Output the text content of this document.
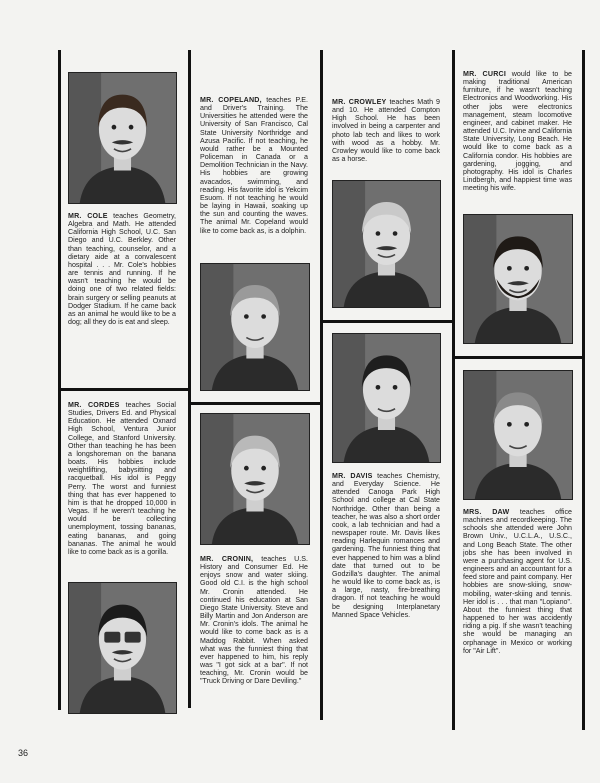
MR. COLE teaches Geometry, Algebra and Math. He attended California High School, U.C. San Diego and U.C. Berkley. Other than teaching, counselor, and a dietary aide at a convalescent hospital . . . Mr. Cole's hobbies are tennis and running. If he wasn't teaching he would be doing one of two related fields: brain surgery or selling peanuts at Dodger Stadium. If he came back as an animal he would like to be a dog; all they do is eat and sleep.
MR. COPELAND, teaches P.E. and Driver's Training. The Universities he attended were the University of San Francisco, Cal State University Northridge and Azusa Pacific. If not teaching, he would rather be a Mounted Policeman in Canada or a Demolition Technician in the Navy. His hobbies are growing avacados, swimming, and reading. His favorite idol is Yekcim Esuom. If not teaching he would be laying in Hawaii, soaking up the sun and counting the waves. The animal Mr. Copeland would like to come back as, is a dolphin.
MR. CROWLEY teaches Math 9 and 10. He attended Compton High School. He has been involved in being a carpenter and photo lab tech and likes to work with wood as a hobby. Mr. Crowley would like to come back as a horse.
MR. CURCI would like to be making traditional American furniture, if he wasn't teaching Electronics and Woodworking. His other jobs were electronics management, steam locomotive engineer, and cabinet maker. He attended U.C. Irvine and California State University, Long Beach. He would like to come back as a California condor. His hobbies are gardening, jogging, and photography. His idol is Charles Lindbergh, and happiest time was meeting his wife.
MR. CORDES teaches Social Studies, Drivers Ed. and Physical Education. He attended Oxnard High School, Ventura Junior College, and Stanford University. Other than teaching he has been a longshoreman on the banana boats. His hobbies include weightlifting, babysitting and racquetball. His idol is Peggy Perry. The worst and funniest thing that has ever happened to him is that he dropped 10,000 in Vegas. If he weren't teaching he would be collecting unemployment, tossing bananas, eating bananas, and going bananas. The animal he would like to come back as is a gorilla.
MR. CRONIN, teaches U.S. History and Consumer Ed. He enjoys snow and water skiing. Good old C.I. is the high school Mr. Cronin attended. He continued his education at San Diego State University. Steve and Billy Martin and Jon Anderson are Mr. Cronin's idols. The animal he would like to come back as is a Maddog Rabbit. When asked what was the funniest thing that ever happened to him, his reply was "I got sick at a bar". If not teaching, Mr. Cronin would be "Truck Driving or Dare Deviling."
MR. DAVIS teaches Chemistry, and Everyday Science. He attended Canoga Park High School and college at Cal State Northridge. Other than being a teacher, he was also a short order cook, a lab technician and had a newspaper route. Mr. Davis likes reading Harlequin romances and gardening. The funniest thing that ever happened to him was a blind date that turned out to be Godzilla's daughter. The animal he would like to come back as, is a large, nasty, fire-breathing dragon. If not teaching he would be designing Interplanetary Manned Space Vehicles.
MRS. DAW teaches office machines and recordkeeping. The schools she attended were John Brown Univ., U.C.L.A., U.S.C., and Long Beach State. The other jobs she has been involved in were a purchasing agent for U.S. engineers and an accountant for a feed store and paint company. Her hobbies are snow-skiing, snow-mobiling, water-skiing and tennis. Her idol is . . . that man "Lopiano". About the funniest thing that happened to her was accidently riding a pig. If she wasn't teaching she would be managing an orphanage in Mexico or working for "Air Lift".
36
